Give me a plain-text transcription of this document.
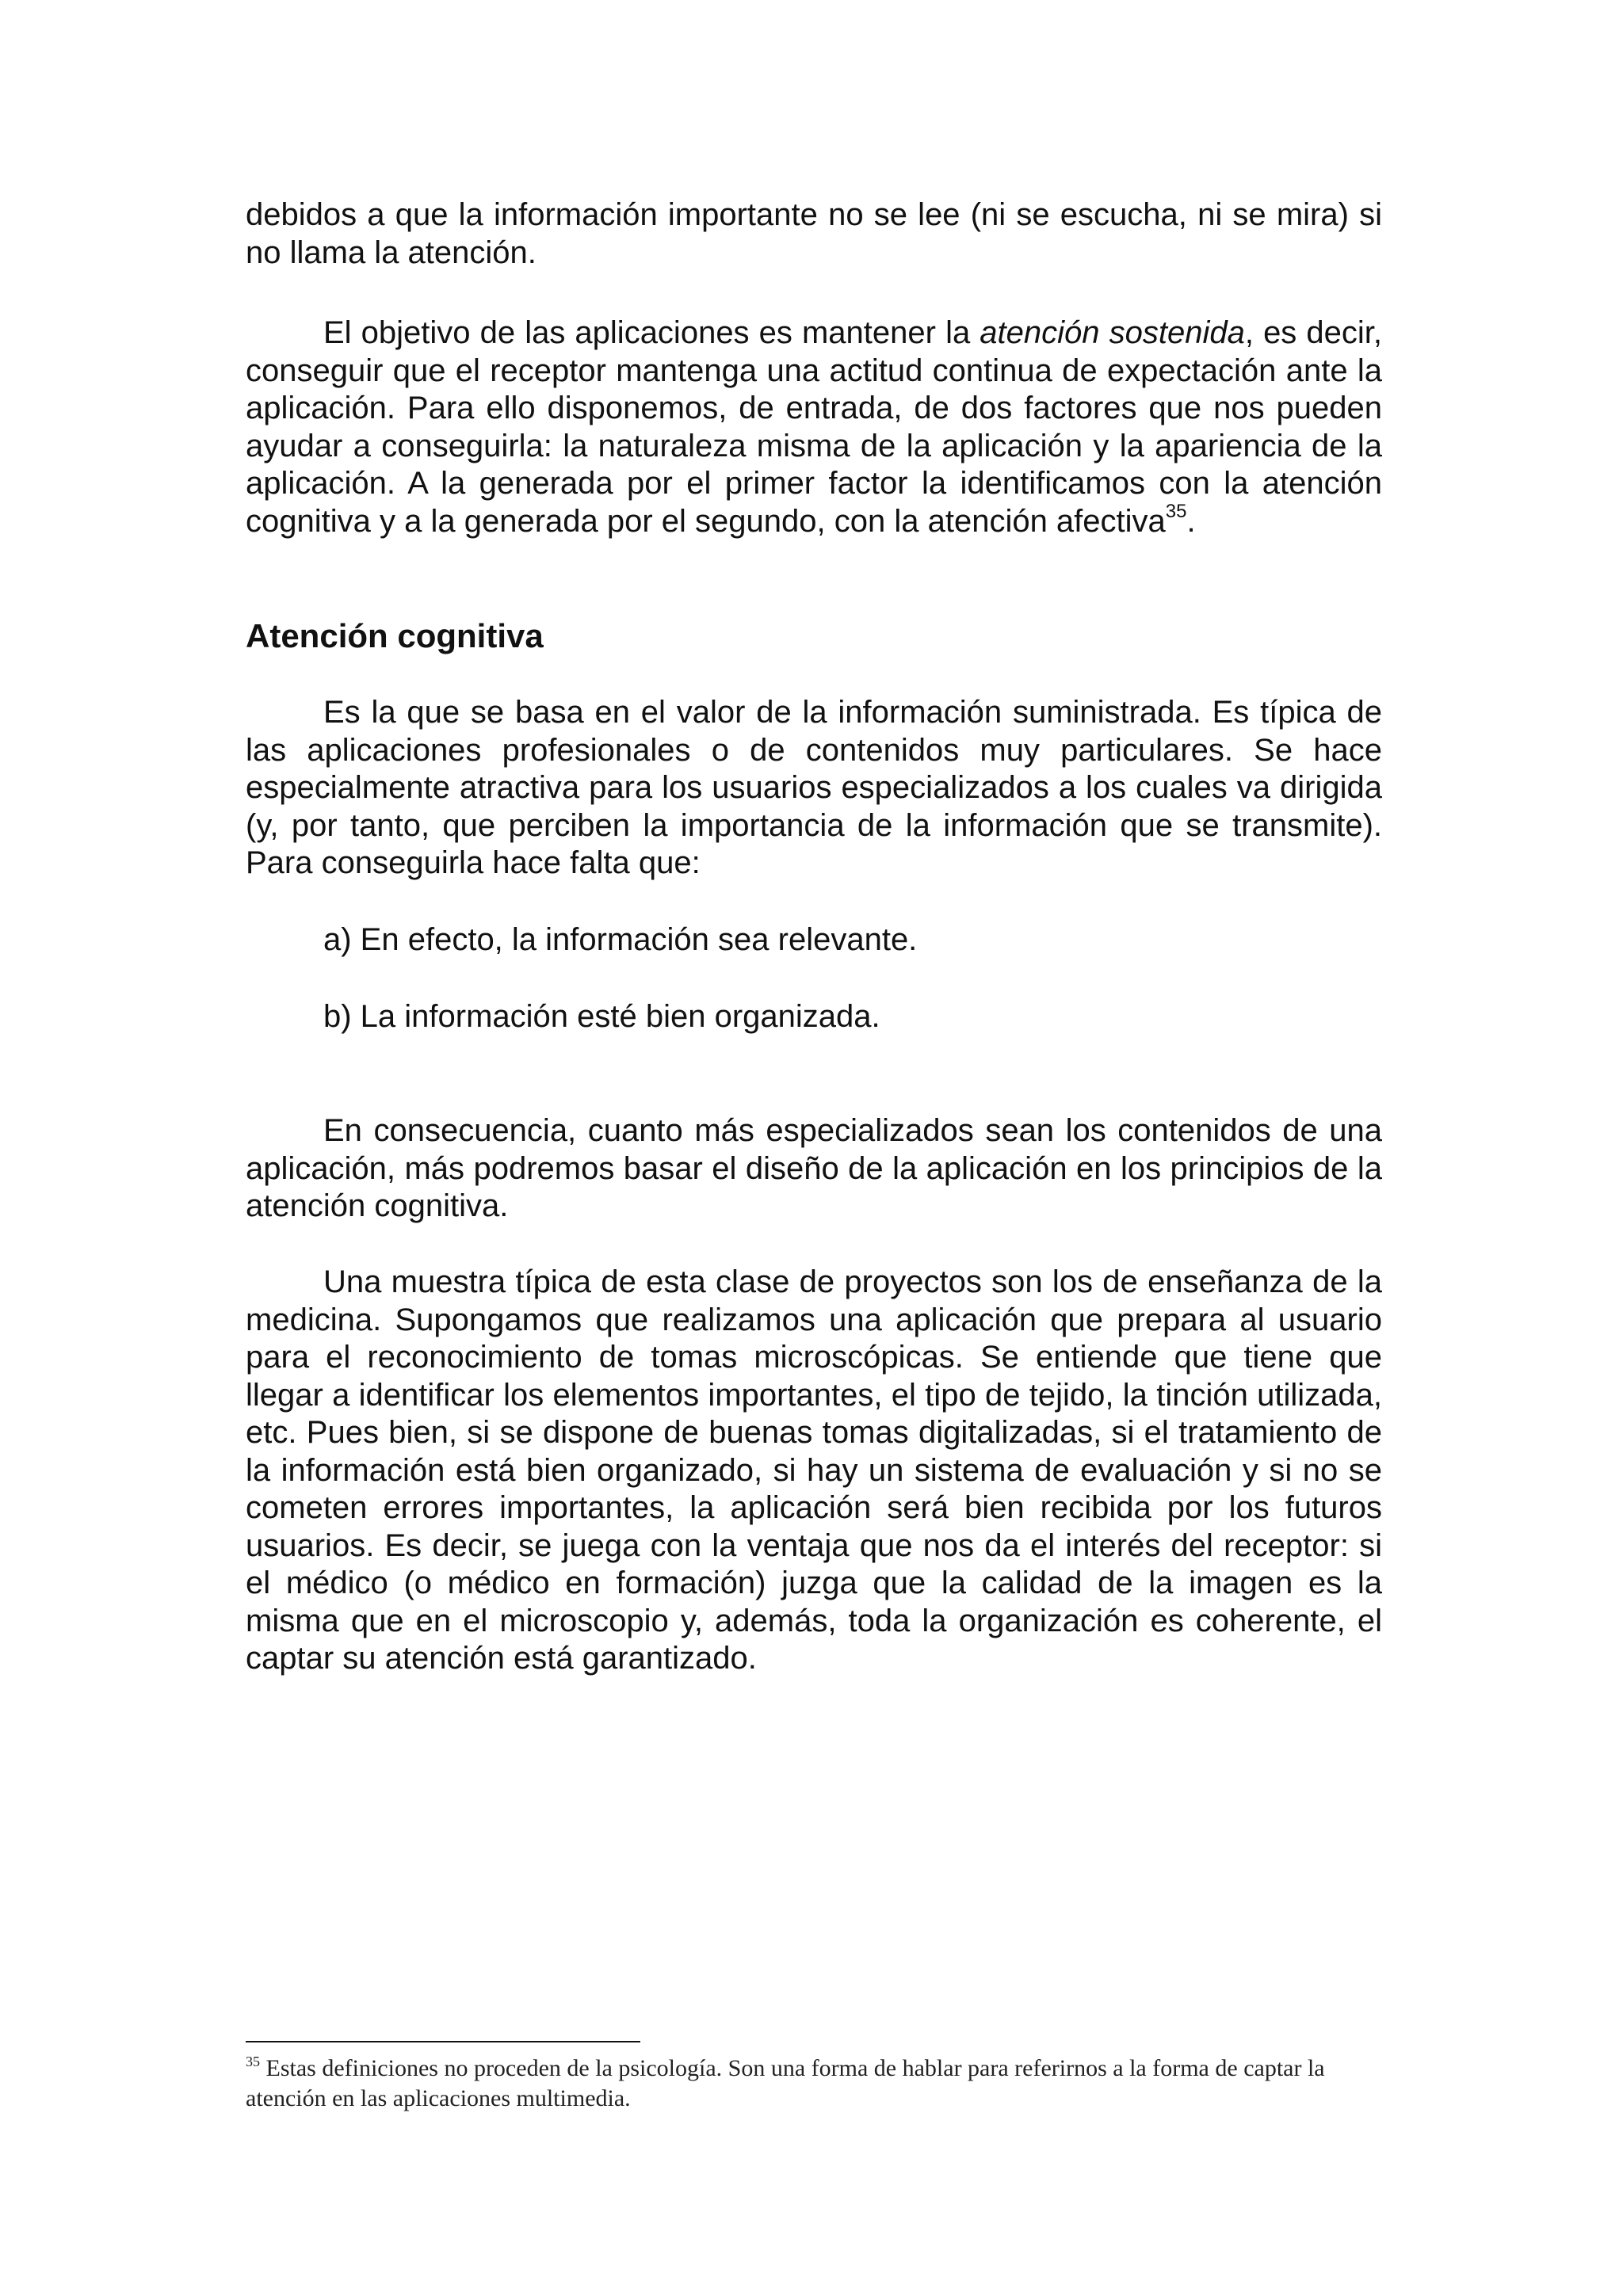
debidos a que la información importante no se lee (ni se escucha, ni se mira) si no llama la atención.

El objetivo de las aplicaciones es mantener la atención sostenida, es decir, conseguir que el receptor mantenga una actitud continua de expectación ante la aplicación. Para ello disponemos, de entrada, de dos factores que nos pueden ayudar a conseguirla: la naturaleza misma de la aplicación y la apariencia de la aplicación. A la generada por el primer factor la identificamos con la atención cognitiva y a la generada por el segundo, con la atención afectiva$^{35}$.

Atención cognitiva

Es la que se basa en el valor de la información suministrada. Es típica de las aplicaciones profesionales o de contenidos muy particulares. Se hace especialmente atractiva para los usuarios especializados a los cuales va dirigida (y, por tanto, que perciben la importancia de la información que se transmite). Para conseguirla hace falta que:

a) En efecto, la información sea relevante.

b) La información esté bien organizada.

En consecuencia, cuanto más especializados sean los contenidos de una aplicación, más podremos basar el diseño de la aplicación en los principios de la atención cognitiva.

Una muestra típica de esta clase de proyectos son los de enseñanza de la medicina. Supongamos que realizamos una aplicación que prepara al usuario para el reconocimiento de tomas microscópicas. Se entiende que tiene que llegar a identificar los elementos importantes, el tipo de tejido, la tinción utilizada, etc. Pues bien, si se dispone de buenas tomas digitalizadas, si el tratamiento de la información está bien organizado, si hay un sistema de evaluación y si no se cometen errores importantes, la aplicación será bien recibida por los futuros usuarios. Es decir, se juega con la ventaja que nos da el interés del receptor: si el médico (o médico en formación) juzga que la calidad de la imagen es la misma que en el microscopio y, además, toda la organización es coherente, el captar su atención está garantizado.

$^{35}$ Estas definiciones no proceden de la psicología. Son una forma de hablar para referirnos a la forma de captar la atención en las aplicaciones multimedia.
